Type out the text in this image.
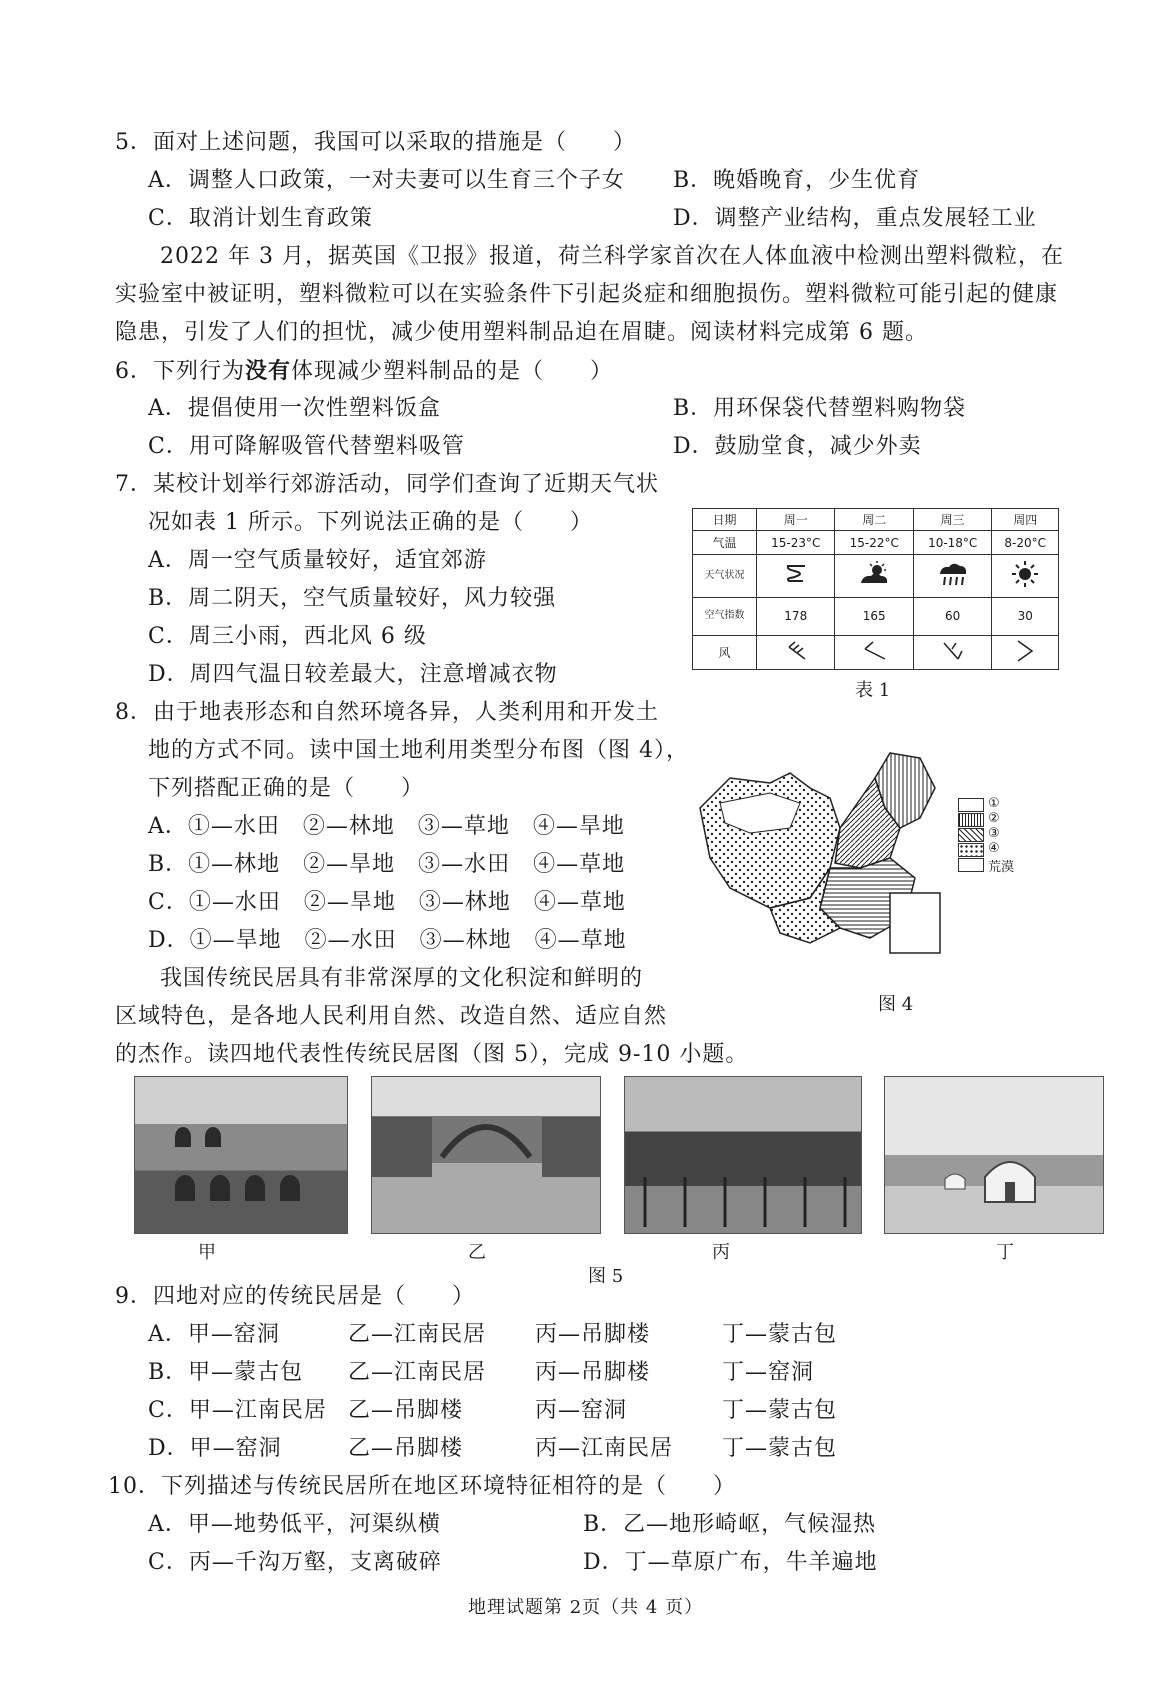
5．面对上述问题，我国可以采取的措施是（　　）
A．调整人口政策，一对夫妻可以生育三个子女 B．晚婚晚育，少生优育
C．取消计划生育政策	D．调整产业结构，重点发展轻工业
2022 年 3 月，据英国《卫报》报道，荷兰科学家首次在人体血液中检测出塑料微粒，在
实验室中被证明，塑料微粒可以在实验条件下引起炎症和细胞损伤。塑料微粒可能引起的健康
隐患，引发了人们的担忧，减少使用塑料制品迫在眉睫。阅读材料完成第 6 题。
6．下列行为没有体现减少塑料制品的是（　　）
A．提倡使用一次性塑料饭盒	B．用环保袋代替塑料购物袋
C．用可降解吸管代替塑料吸管	D．鼓励堂食，减少外卖
7．某校计划举行郊游活动，同学们查询了近期天气状
况如表 1 所示。下列说法正确的是（　　）
A．周一空气质量较好，适宜郊游
B．周二阴天，空气质量较好，风力较强
C．周三小雨，西北风 6 级
D．周四气温日较差最大，注意增减衣物
日期	周一	周二	周三	周四
气温	15-23°C	15-22°C	10-18°C	8-20°C
天气状况				
空气指数	178	165	60	30
风				
表 1
8．由于地表形态和自然环境各异，人类利用和开发土
地的方式不同。读中国土地利用类型分布图（图 4），
下列搭配正确的是（　　）
A．①—水田　②—林地　③—草地　④—旱地
B．①—林地　②—旱地　③—水田　④—草地
C．①—水田　②—旱地　③—林地　④—草地
D．①—旱地　②—水田　③—林地　④—草地
①
②
③
④
荒漠
图 4
我国传统民居具有非常深厚的文化积淀和鲜明的
区域特色，是各地人民利用自然、改造自然、适应自然
的杰作。读四地代表性传统民居图（图 5），完成 9-10 小题。
甲	乙	丙	丁
图 5
9．四地对应的传统民居是（　　）
A．甲—窑洞	乙—江南民居 丙—吊脚楼	丁—蒙古包
B．甲—蒙古包 乙—江南民居 丙—吊脚楼	丁—窑洞
C．甲—江南民居 乙—吊脚楼	丙—窑洞	丁—蒙古包
D．甲—窑洞	乙—吊脚楼	丙—江南民居 丁—蒙古包
10．下列描述与传统民居所在地区环境特征相符的是（　　）
A．甲—地势低平，河渠纵横	B．乙—地形崎岖，气候湿热
C．丙—千沟万壑，支离破碎	D．丁—草原广布，牛羊遍地
地理试题第 2页（共 4 页）
